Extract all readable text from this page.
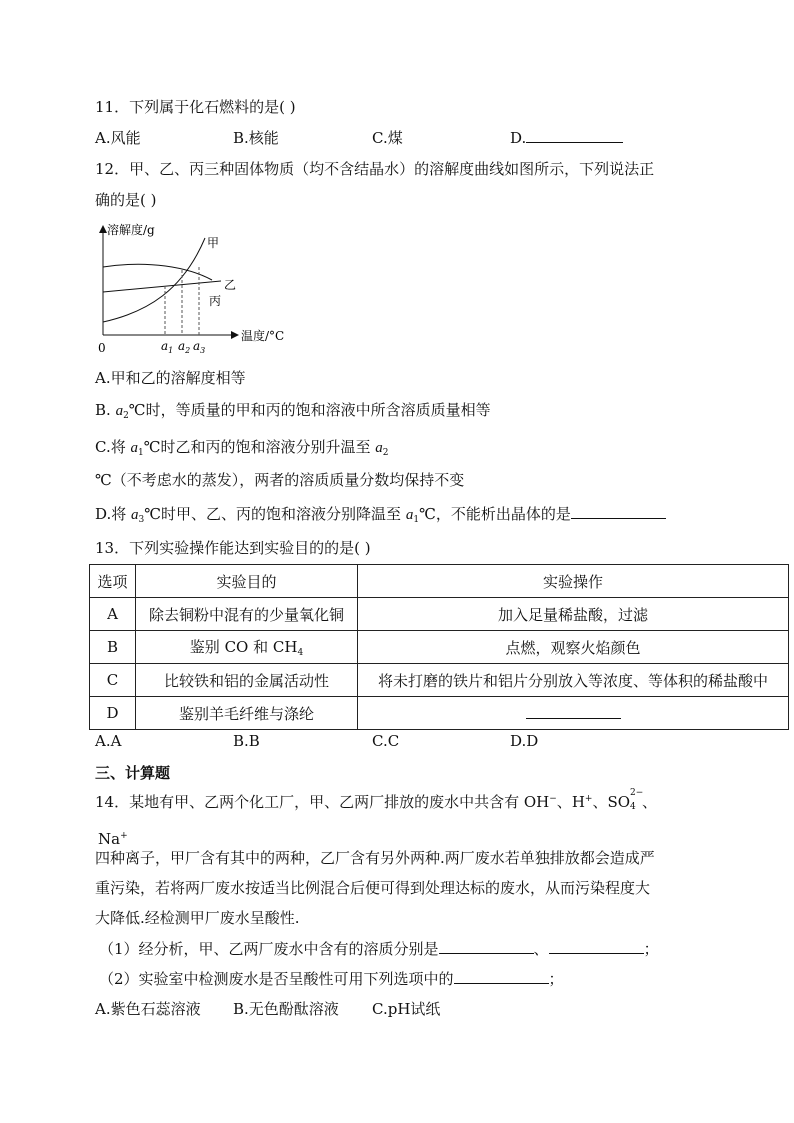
11．下列属于化石燃料的是( )
A.风能	B.核能	C.煤	D.
12．甲、乙、丙三种固体物质（均不含结晶水）的溶解度曲线如图所示，下列说法正
确的是( )
溶解度/g
温度/°C
0
甲
乙
丙
$a_1$ $a_2$ $a_3$
A.甲和乙的溶解度相等
B. $a_2℃$时，等质量的甲和丙的饱和溶液中所含溶质质量相等
C.将 $a_1℃$时乙和丙的饱和溶液分别升温至 $a_2$
℃（不考虑水的蒸发），两者的溶质质量分数均保持不变
D.将 $a_3℃$时甲、乙、丙的饱和溶液分别降温至 $a_1℃$，不能析出晶体的是
13．下列实验操作能达到实验目的的是( )
选项	实验目的	实验操作
A	除去铜粉中混有的少量氧化铜	加入足量稀盐酸，过滤
B	鉴别 CO 和 $CH_4$	点燃，观察火焰颜色
C	比较铁和铝的金属活动性	将未打磨的铁片和铝片分别放入等浓度、等体积的稀盐酸中
D	鉴别羊毛纤维与涤纶	
A.A	B.B	C.C	D.D
三、计算题
14．某地有甲、乙两个化工厂，甲、乙两厂排放的废水中共含有 OH−、H+、SO 2−
4 、
Na+
四种离子，甲厂含有其中的两种，乙厂含有另外两种.两厂废水若单独排放都会造成严
重污染，若将两厂废水按适当比例混合后便可得到处理达标的废水，从而污染程度大
大降低.经检测甲厂废水呈酸性.
（1）经分析，甲、乙两厂废水中含有的溶质分别是	、	；
（2）实验室中检测废水是否呈酸性可用下列选项中的	；
A.紫色石蕊溶液 B.无色酚酞溶液 C.pH试纸
